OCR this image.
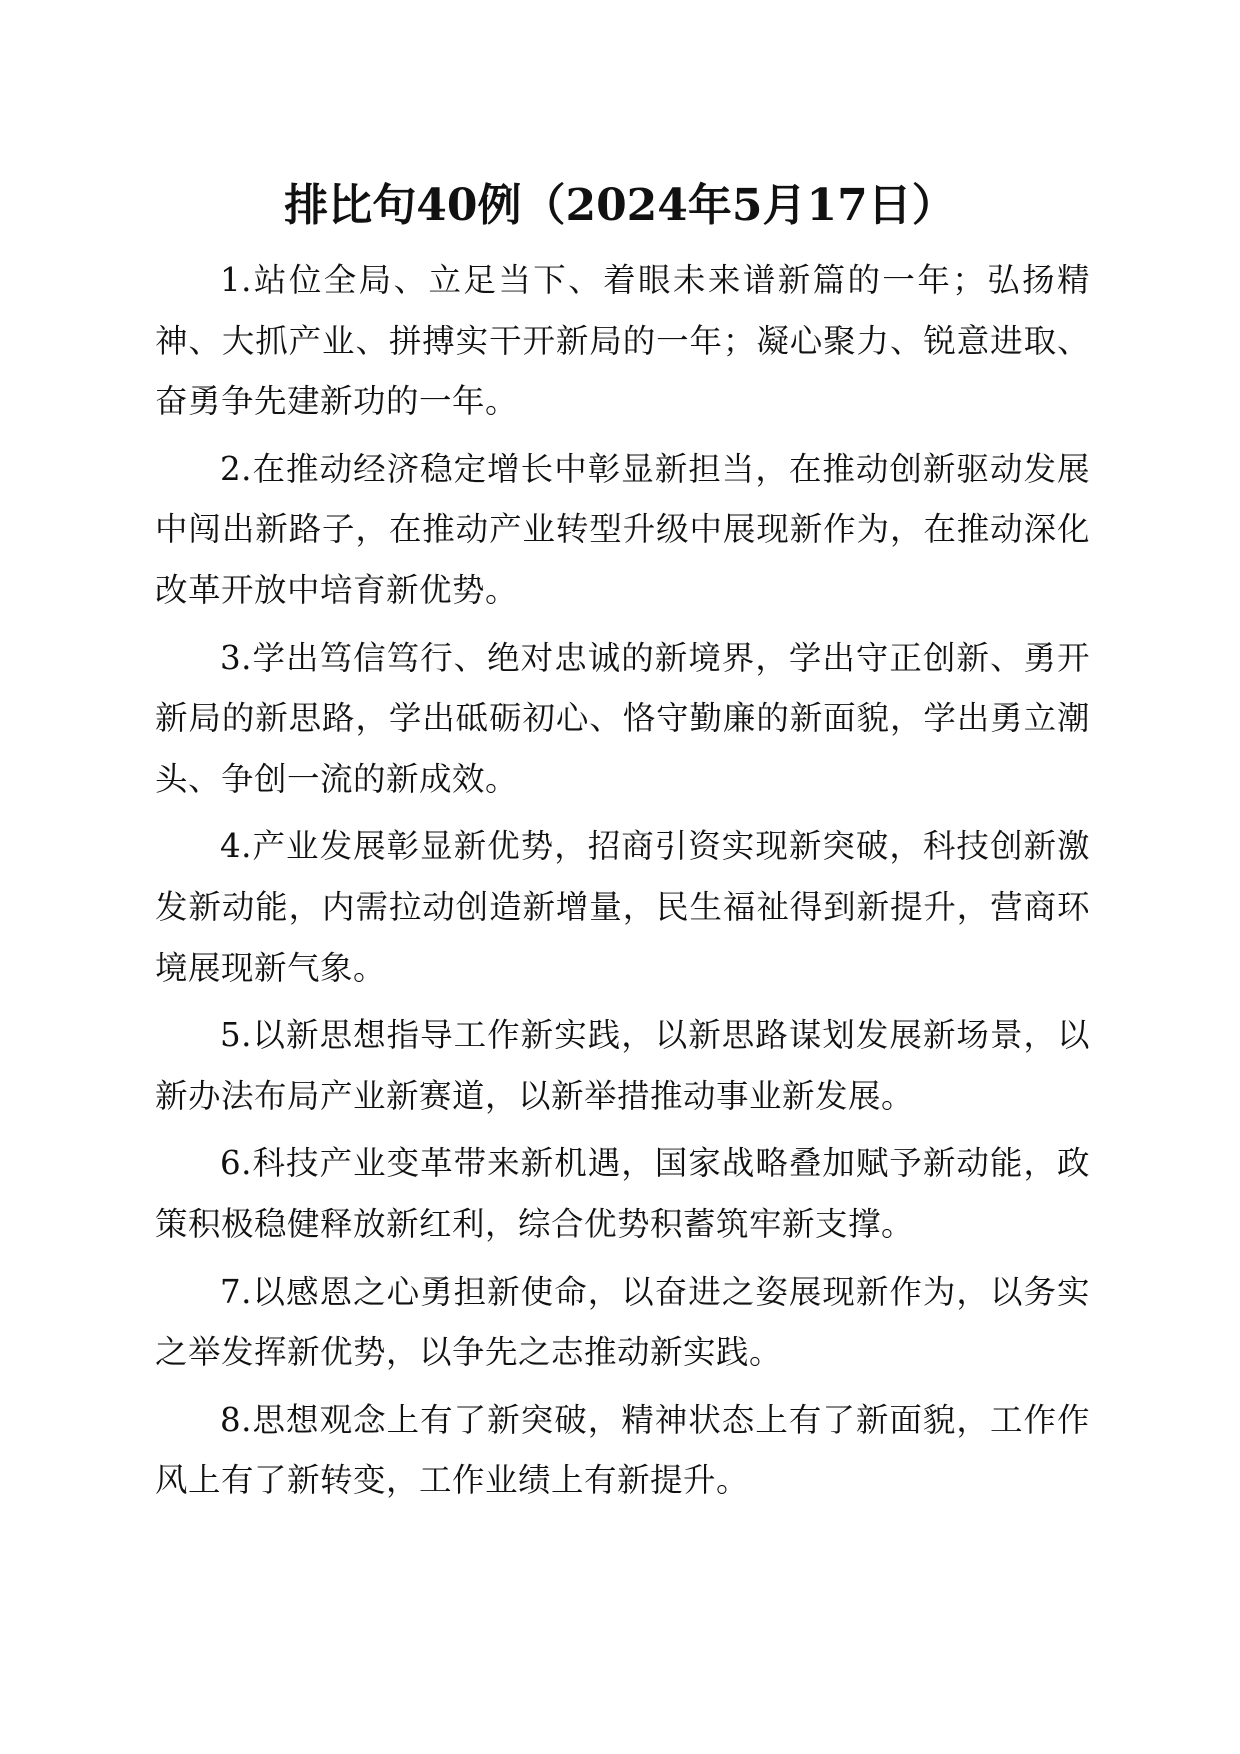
排比句40例（2024年5月17日）

1.站位全局、立足当下、着眼未来谱新篇的一年；弘扬精神、大抓产业、拼搏实干开新局的一年；凝心聚力、锐意进取、奋勇争先建新功的一年。

2.在推动经济稳定增长中彰显新担当，在推动创新驱动发展中闯出新路子，在推动产业转型升级中展现新作为，在推动深化改革开放中培育新优势。

3.学出笃信笃行、绝对忠诚的新境界，学出守正创新、勇开新局的新思路，学出砥砺初心、恪守勤廉的新面貌，学出勇立潮头、争创一流的新成效。

4.产业发展彰显新优势，招商引资实现新突破，科技创新激发新动能，内需拉动创造新增量，民生福祉得到新提升，营商环境展现新气象。

5.以新思想指导工作新实践，以新思路谋划发展新场景，以新办法布局产业新赛道，以新举措推动事业新发展。

6.科技产业变革带来新机遇，国家战略叠加赋予新动能，政策积极稳健释放新红利，综合优势积蓄筑牢新支撑。

7.以感恩之心勇担新使命，以奋进之姿展现新作为，以务实之举发挥新优势，以争先之志推动新实践。

8.思想观念上有了新突破，精神状态上有了新面貌，工作作风上有了新转变，工作业绩上有新提升。
